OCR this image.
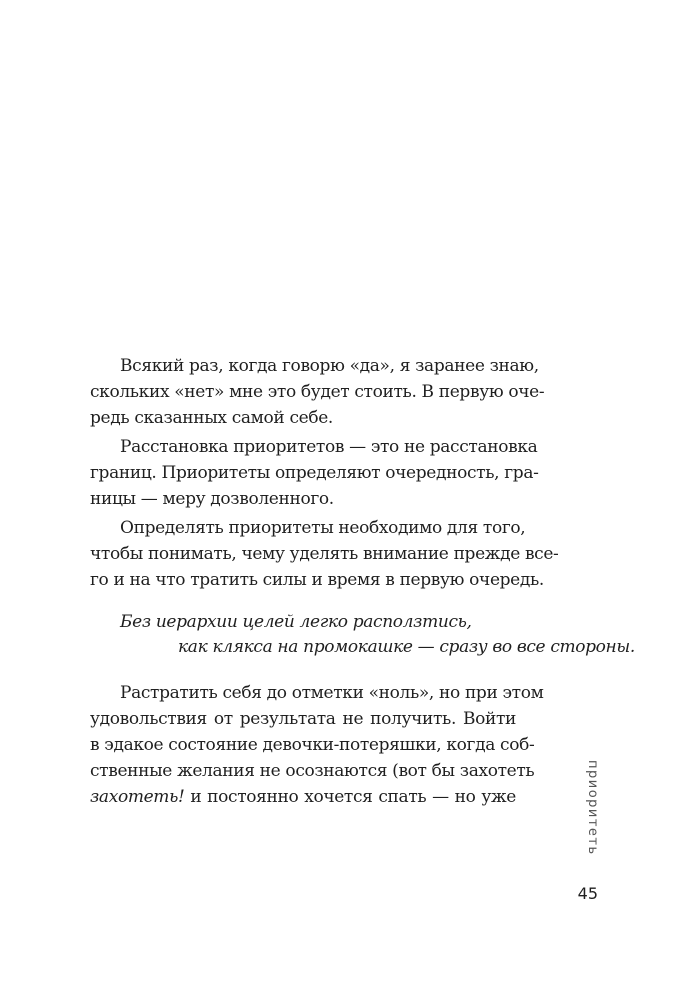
Всякий раз, когда говорю «да», я заранее знаю,
скольких «нет» мне это будет стоить. В первую оче-
редь сказанных самой себе.
Расстановка приоритетов — это не расстановка
границ. Приоритеты определяют очередность, гра-
ницы — меру дозволенного.
Определять приоритеты необходимо для того,
чтобы понимать, чему уделять внимание прежде все-
го и на что тратить силы и время в первую очередь.
Без иерархии целей легко расползтись,
как клякса на промокашке — сразу во все стороны.
Растратить себя до отметки «ноль», но при этом
удовольствия от результата не получить. Войти
в эдакое состояние девочки-потеряшки, когда соб-
ственные желания не осознаются (вот бы захотеть
захотеть! и постоянно хочется спать — но уже	приоритеть
45
